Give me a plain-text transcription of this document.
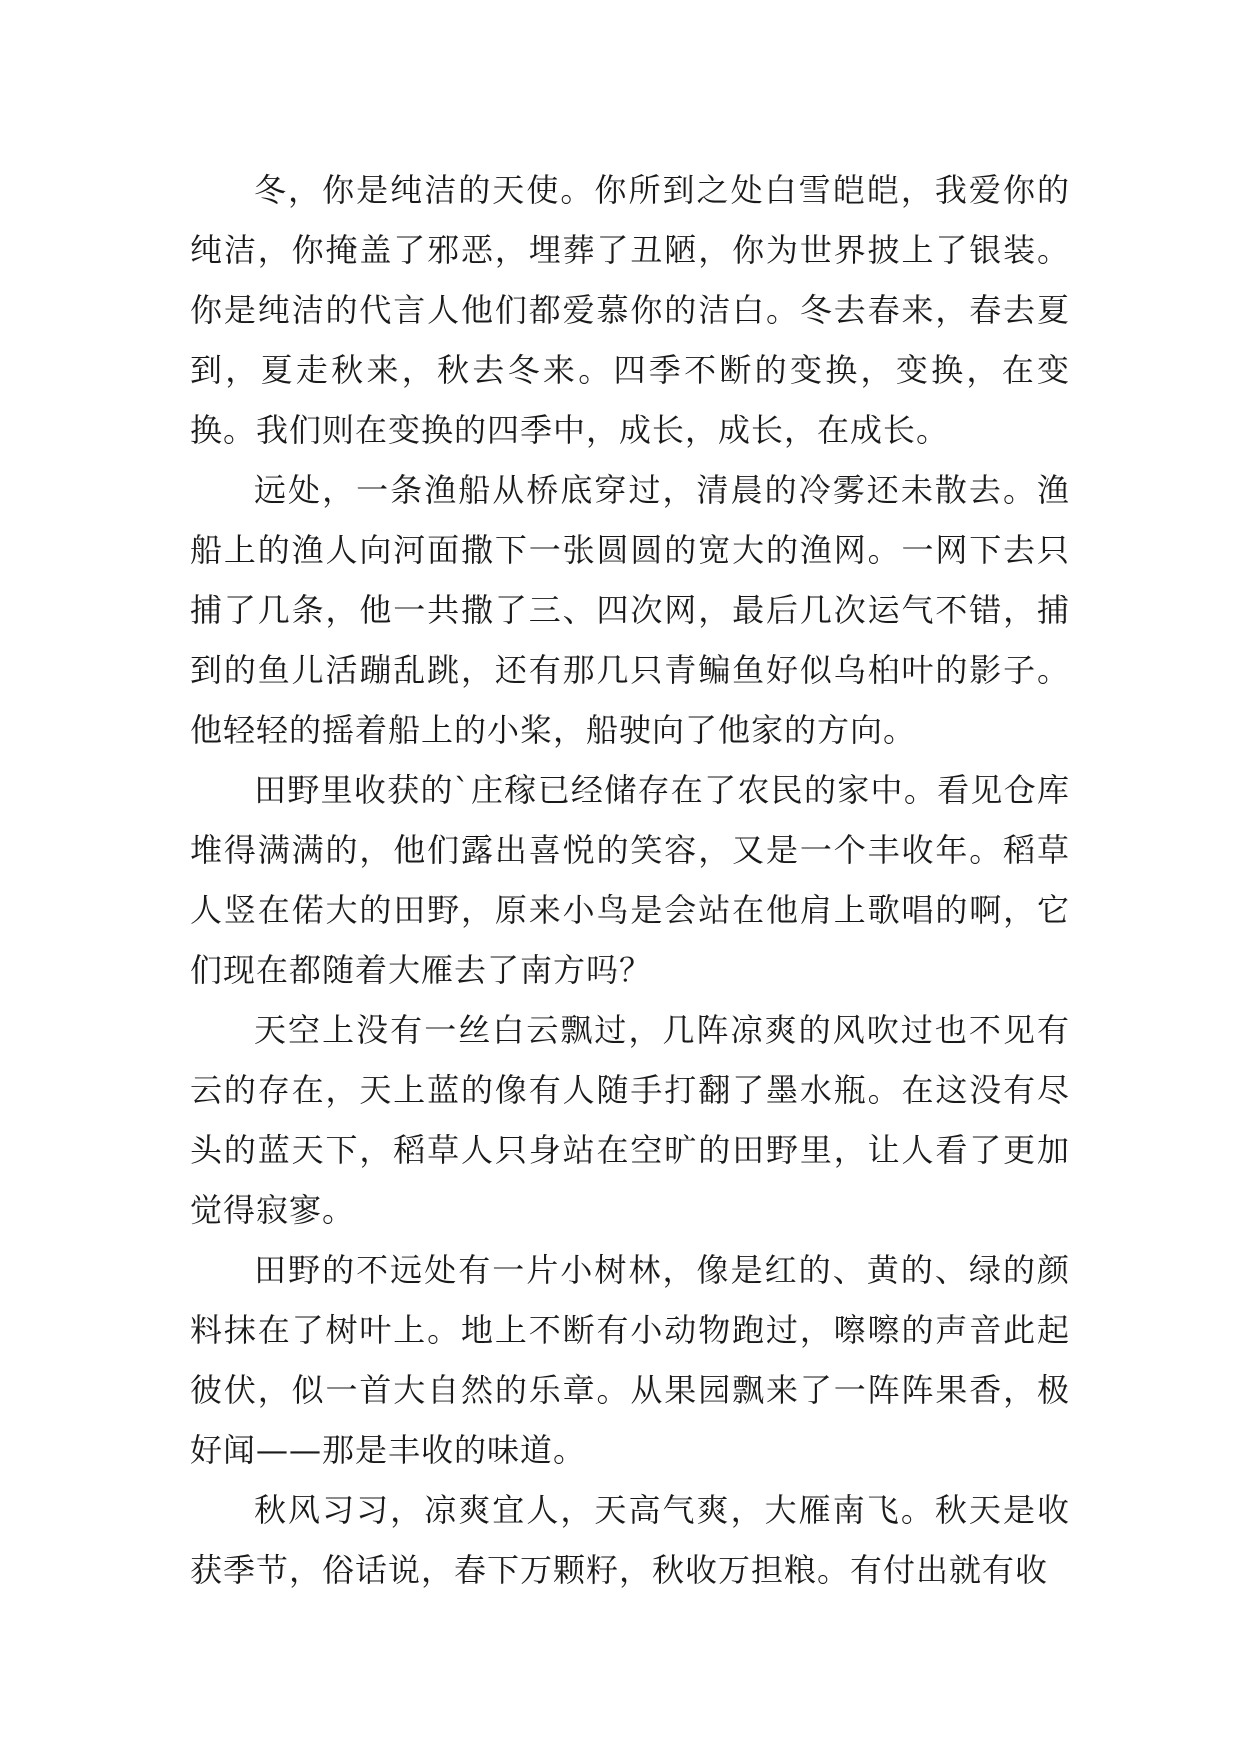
冬，你是纯洁的天使。你所到之处白雪皑皑，我爱你的纯洁，你掩盖了邪恶，埋葬了丑陋，你为世界披上了银装。你是纯洁的代言人他们都爱慕你的洁白。冬去春来，春去夏到，夏走秋来，秋去冬来。四季不断的变换，变换，在变换。我们则在变换的四季中，成长，成长，在成长。

远处，一条渔船从桥底穿过，清晨的冷雾还未散去。渔船上的渔人向河面撒下一张圆圆的宽大的渔网。一网下去只捕了几条，他一共撒了三、四次网，最后几次运气不错，捕到的鱼儿活蹦乱跳，还有那几只青鳊鱼好似乌桕叶的影子。他轻轻的摇着船上的小桨，船驶向了他家的方向。

田野里收获的`庄稼已经储存在了农民的家中。看见仓库堆得满满的，他们露出喜悦的笑容，又是一个丰收年。稻草人竖在偌大的田野，原来小鸟是会站在他肩上歌唱的啊，它们现在都随着大雁去了南方吗？

天空上没有一丝白云飘过，几阵凉爽的风吹过也不见有云的存在，天上蓝的像有人随手打翻了墨水瓶。在这没有尽头的蓝天下，稻草人只身站在空旷的田野里，让人看了更加觉得寂寥。

田野的不远处有一片小树林，像是红的、黄的、绿的颜料抹在了树叶上。地上不断有小动物跑过，嚓嚓的声音此起彼伏，似一首大自然的乐章。从果园飘来了一阵阵果香，极好闻——那是丰收的味道。

秋风习习，凉爽宜人，天高气爽，大雁南飞。秋天是收获季节，俗话说，春下万颗籽，秋收万担粮。有付出就有收
